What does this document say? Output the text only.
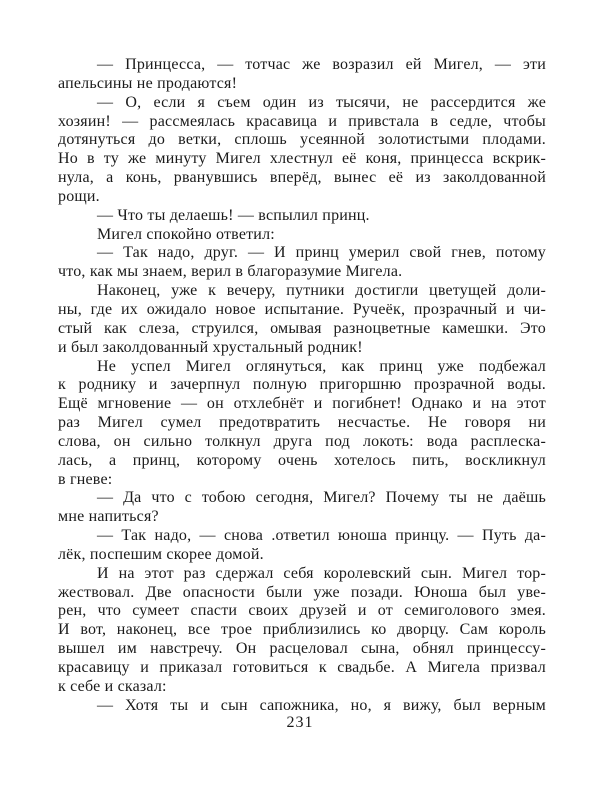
— Принцесса, — тотчас же возразил ей Мигел, — эти
апельсины не продаются!
— О, если я съем один из тысячи, не рассердится же
хозяин! — рассмеялась красавица и привстала в седле, чтобы
дотянуться до ветки, сплошь усеянной золотистыми плодами.
Но в ту же минуту Мигел хлестнул её коня, принцесса вскрик-
нула, а конь, рванувшись вперёд, вынес её из заколдованной
рощи.
— Что ты делаешь! — вспылил принц.
Мигел спокойно ответил:
— Так надо, друг. — И принц умерил свой гнев, потому
что, как мы знаем, верил в благоразумие Мигела.
Наконец, уже к вечеру, путники достигли цветущей доли-
ны, где их ожидало новое испытание. Ручеёк, прозрачный и чи-
стый как слеза, струился, омывая разноцветные камешки. Это
и был заколдованный хрустальный родник!
Не успел Мигел оглянуться, как принц уже подбежал
к роднику и зачерпнул полную пригоршню прозрачной воды.
Ещё мгновение — он отхлебнёт и погибнет! Однако и на этот
раз Мигел сумел предотвратить несчастье. Не говоря ни
слова, он сильно толкнул друга под локоть: вода расплеска-
лась, а принц, которому очень хотелось пить, воскликнул
в гневе:
— Да что с тобою сегодня, Мигел? Почему ты не даёшь
мне напиться?
— Так надо, — снова .ответил юноша принцу. — Путь да-
лёк, поспешим скорее домой.
И на этот раз сдержал себя королевский сын. Мигел тор-
жествовал. Две опасности были уже позади. Юноша был уве-
рен, что сумеет спасти своих друзей и от семиголового змея.
И вот, наконец, все трое приблизились ко дворцу. Сам король
вышел им навстречу. Он расцеловал сына, обнял принцессу-
красавицу и приказал готовиться к свадьбе. А Мигела призвал
к себе и сказал:
— Хотя ты и сын сапожника, но, я вижу, был верным
231
